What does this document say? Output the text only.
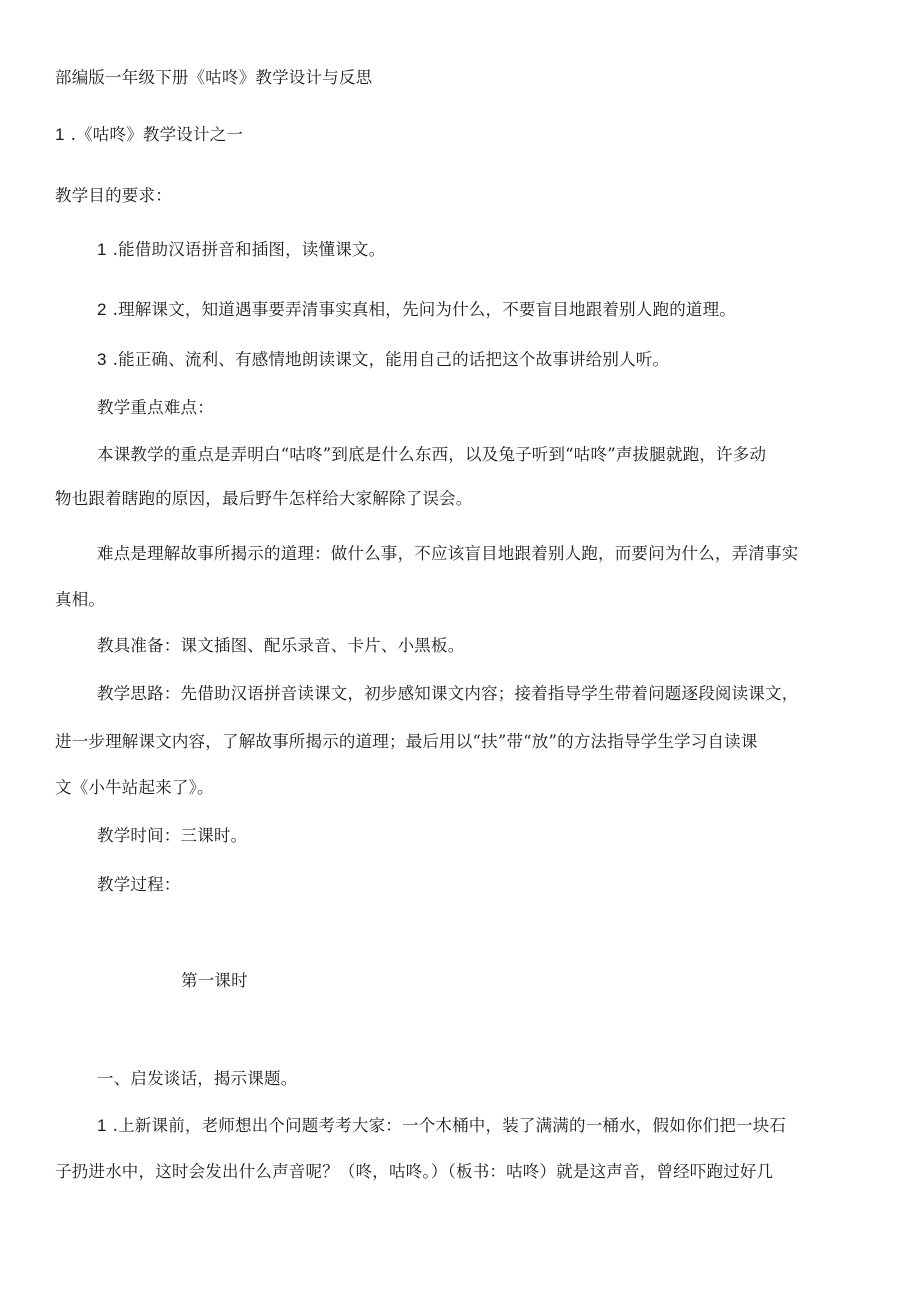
部编版一年级下册《咕咚》教学设计与反思
1 .《咕咚》教学设计之一
教学目的要求：
1 .能借助汉语拼音和插图，读懂课文。
2 .理解课文，知道遇事要弄清事实真相，先问为什么，不要盲目地跟着别人跑的道理。
3 .能正确、流利、有感情地朗读课文，能用自己的话把这个故事讲给别人听。
教学重点难点：
本课教学的重点是弄明白“咕咚”到底是什么东西，以及兔子听到“咕咚”声拔腿就跑，许多动
物也跟着瞎跑的原因，最后野牛怎样给大家解除了误会。
难点是理解故事所揭示的道理：做什么事，不应该盲目地跟着别人跑，而要问为什么，弄清事实
真相。
教具准备：课文插图、配乐录音、卡片、小黑板。
教学思路：先借助汉语拼音读课文，初步感知课文内容；接着指导学生带着问题逐段阅读课文，
进一步理解课文内容，了解故事所揭示的道理；最后用以“扶”带“放”的方法指导学生学习自读课
文《小牛站起来了》。
教学时间：三课时。
教学过程：
第一课时
一、启发谈话，揭示课题。
1 .上新课前，老师想出个问题考考大家：一个木桶中，装了满满的一桶水，假如你们把一块石
子扔进水中，这时会发出什么声音呢？（咚，咕咚。）（板书：咕咚）就是这声音，曾经吓跑过好几
